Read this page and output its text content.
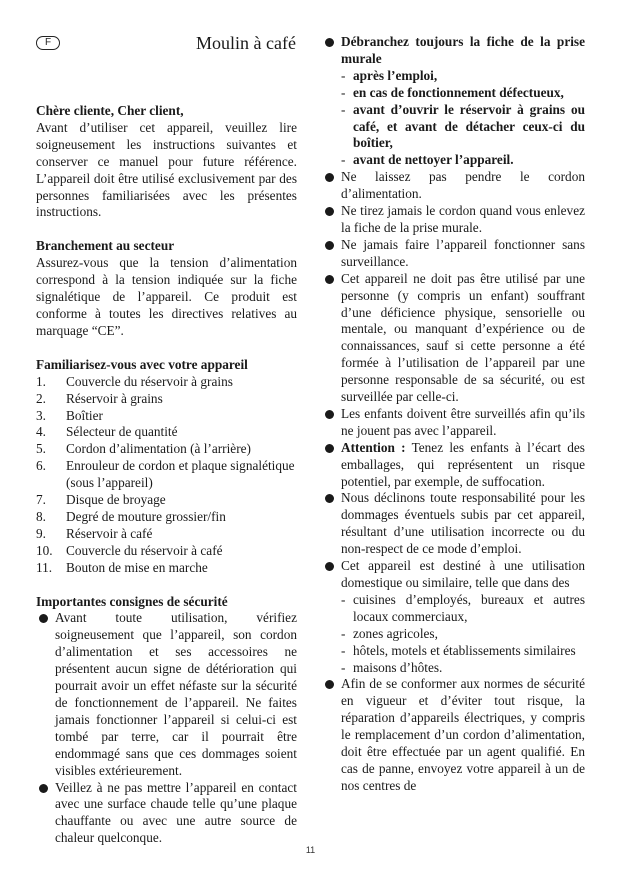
F	Moulin à café

Chère cliente, Cher client,

Avant d’utiliser cet appareil, veuillez lire soigneusement les instructions suivantes et conserver ce manuel pour future référence. L’appareil doit être utilisé exclusivement par des personnes familiarisées avec les présentes instructions.

Branchement au secteur

Assurez-vous que la tension d’alimentation correspond à la tension indiquée sur la fiche signalétique de l’appareil. Ce produit est conforme à toutes les directives relatives au marquage “CE”.

Familiarisez-vous avec votre appareil

1. Couvercle du réservoir à grains
2. Réservoir à grains
3. Boîtier
4. Sélecteur de quantité
5. Cordon d’alimentation (à l’arrière)
6. Enrouleur de cordon et plaque signalétique (sous l’appareil)
7. Disque de broyage
8. Degré de mouture grossier/fin
9. Réservoir à café
10. Couvercle du réservoir à café
11. Bouton de mise en marche

Importantes consignes de sécurité

Avant toute utilisation, vérifiez soigneusement que l’appareil, son cordon d’alimentation et ses accessoires ne présentent aucun signe de détérioration qui pourrait avoir un effet néfaste sur la sécurité de fonctionnement de l’appareil. Ne faites jamais fonctionner l’appareil si celui-ci est tombé par terre, car il pourrait être endommagé sans que ces dommages soient visibles extérieurement.
Veillez à ne pas mettre l’appareil en contact avec une surface chaude telle qu’une plaque chauffante ou avec une autre source de chaleur quelconque.
Débranchez toujours la fiche de la prise murale
- après l’emploi,
- en cas de fonctionnement défectueux,
- avant d’ouvrir le réservoir à grains ou café, et avant de détacher ceux-ci du boîtier,
- avant de nettoyer l’appareil.
Ne laissez pas pendre le cordon d’alimentation.
Ne tirez jamais le cordon quand vous enlevez la fiche de la prise murale.
Ne jamais faire l’appareil fonctionner sans surveillance.
Cet appareil ne doit pas être utilisé par une personne (y compris un enfant) souffrant d’une déficience physique, sensorielle ou mentale, ou manquant d’expérience ou de connaissances, sauf si cette personne a été formée à l’utilisation de l’appareil par une personne responsable de sa sécurité, ou est surveillée par celle-ci.
Les enfants doivent être surveillés afin qu’ils ne jouent pas avec l’appareil.
Attention : Tenez les enfants à l’écart des emballages, qui représentent un risque potentiel, par exemple, de suffocation.
Nous déclinons toute responsabilité pour les dommages éventuels subis par cet appareil, résultant d’une utilisation incorrecte ou du non-respect de ce mode d’emploi.
Cet appareil est destiné à une utilisation domestique ou similaire, telle que dans des
- cuisines d’employés, bureaux et autres locaux commerciaux,
- zones agricoles,
- hôtels, motels et établissements similaires
- maisons d’hôtes.
Afin de se conformer aux normes de sécurité en vigueur et d’éviter tout risque, la réparation d’appareils électriques, y compris le remplacement d’un cordon d’alimentation, doit être effectuée par un agent qualifié. En cas de panne, envoyez votre appareil à un de nos centres de
11
